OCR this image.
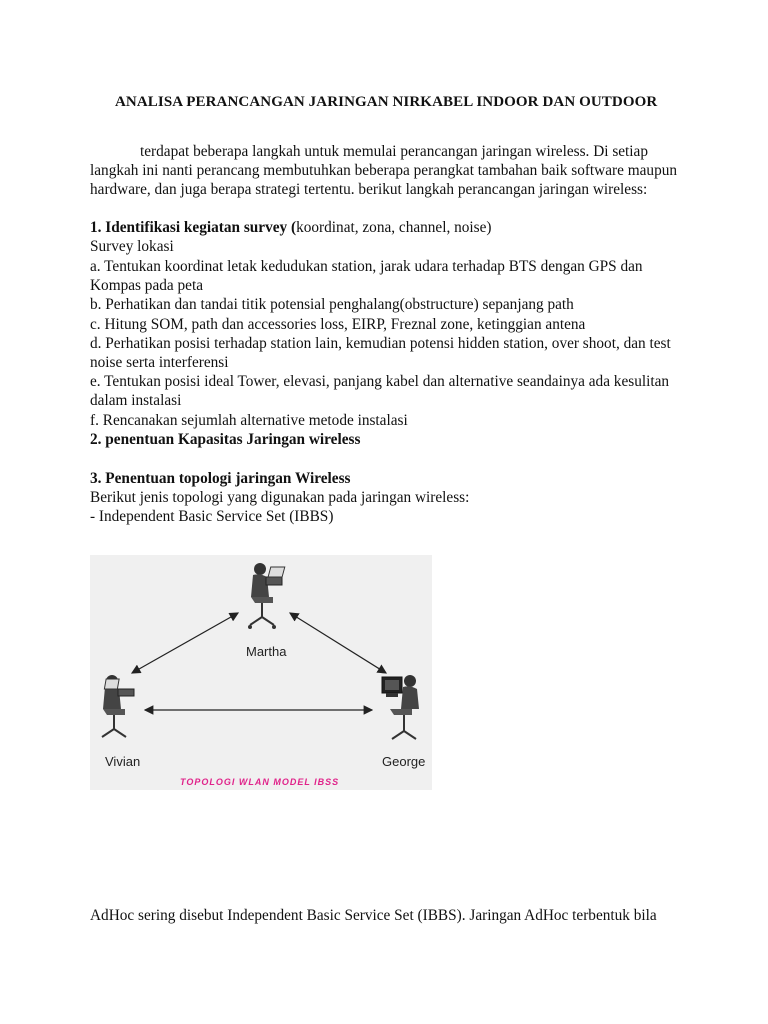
ANALISA PERANCANGAN JARINGAN NIRKABEL INDOOR DAN OUTDOOR
terdapat beberapa langkah untuk memulai perancangan jaringan wireless. Di setiap
langkah ini nanti perancang membutuhkan beberapa perangkat tambahan baik software maupun
hardware, dan juga berapa strategi tertentu. berikut langkah perancangan jaringan wireless:
1. Identifikasi kegiatan survey (koordinat, zona, channel, noise)
Survey lokasi
a. Tentukan koordinat letak kedudukan station, jarak udara terhadap BTS dengan GPS dan
Kompas pada peta
b. Perhatikan dan tandai titik potensial penghalang(obstructure) sepanjang path
c. Hitung SOM, path dan accessories loss, EIRP, Freznal zone, ketinggian antena
d. Perhatikan posisi terhadap station lain, kemudian potensi hidden station, over shoot, dan test
noise serta interferensi
e. Tentukan posisi ideal Tower, elevasi, panjang kabel dan alternative seandainya ada kesulitan
dalam instalasi
f. Rencanakan sejumlah alternative metode instalasi
2. penentuan Kapasitas Jaringan wireless
3. Penentuan topologi jaringan Wireless
Berikut jenis topologi yang digunakan pada jaringan wireless:
- Independent Basic Service Set (IBBS)
Martha
Vivian	George
TOPOLOGI WLAN MODEL IBSS
AdHoc sering disebut Independent Basic Service Set (IBBS). Jaringan AdHoc terbentuk bila
